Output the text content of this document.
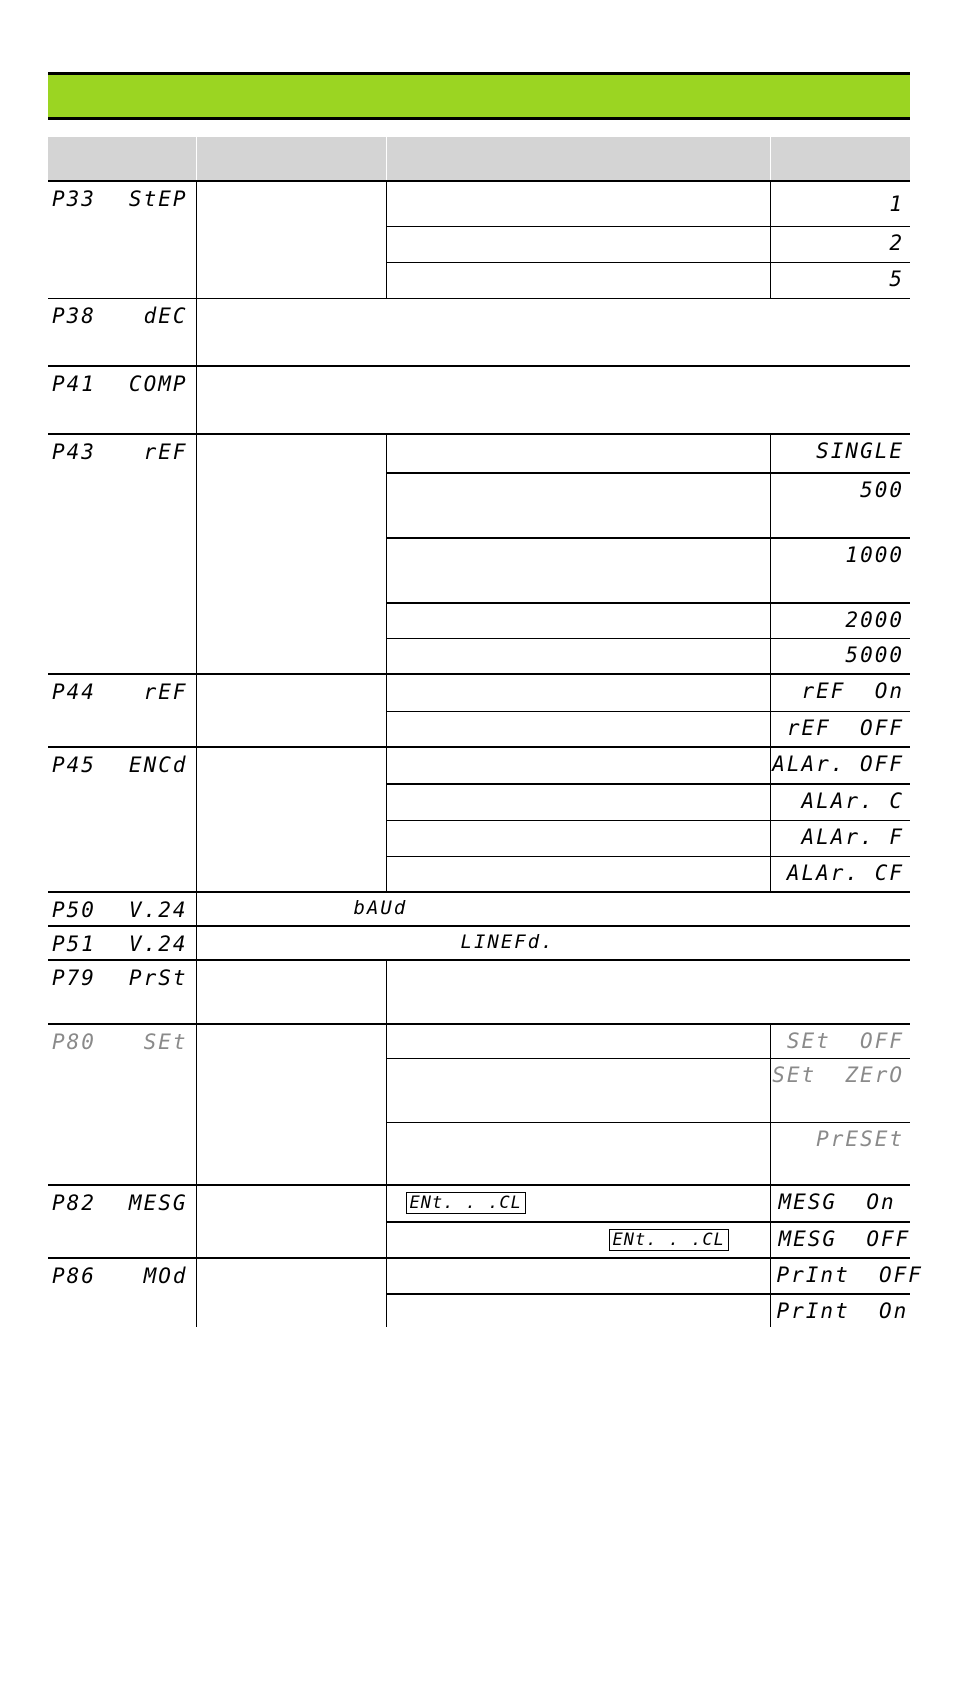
P33 StEP			1

			2

			5

P38 dEC			

P41 COMP			

P43 rEF			SINGLE

			500

			1000

			2000

			5000

P44 rEF			rEF  On

			rEF  OFF

P45 ENCd			ALAr. OFF

			ALAr. C

			ALAr. F

			ALAr. CF

P50 V.24	bAUd		

P51 V.24	LINEFd.		

P79 PrSt			

P80 SEt			SEt  OFF

			SEt  ZErO

			PrESEt

P82 MESG		ENt. . .CL	MESG  On

		ENt. . .CL	MESG  OFF

P86 MOd			PrInt  OFF

			PrInt  On
